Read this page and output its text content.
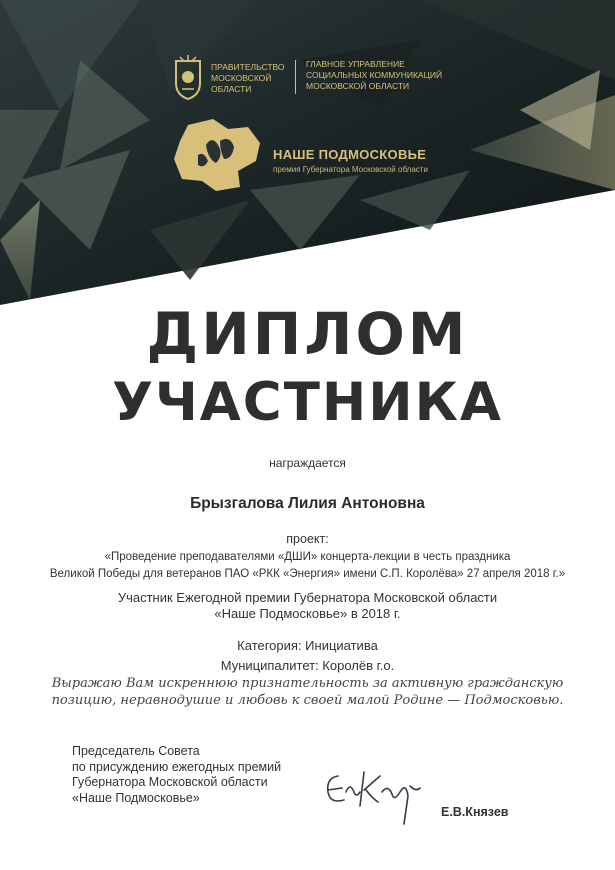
ПРАВИТЕЛЬСТВО
МОСКОВСКОЙ
ОБЛАСТИ
ГЛАВНОЕ УПРАВЛЕНИЕ
СОЦИАЛЬНЫХ КОММУНИКАЦИЙ
МОСКОВСКОЙ ОБЛАСТИ
НАШЕ ПОДМОСКОВЬЕ
премия Губернатора Московской области
ДИПЛОМ
УЧАСТНИКА
награждается
Брызгалова Лилия Антоновна
проект:
«Проведение преподавателями «ДШИ» концерта-лекции в честь праздника
Великой Победы для ветеранов ПАО «РКК «Энергия» имени С.П. Королёва» 27 апреля 2018 г.»
Участник Ежегодной премии Губернатора Московской области
«Наше Подмосковье» в 2018 г.
Категория: Инициатива
Муниципалитет: Королёв г.о.
Выражаю Вам искреннюю признательность за активную гражданскую
позицию, неравнодушие и любовь к своей малой Родине — Подмосковью.
Председатель Совета
по присуждению ежегодных премий
Губернатора Московской области
«Наше Подмосковье»
Е.В.Князев
